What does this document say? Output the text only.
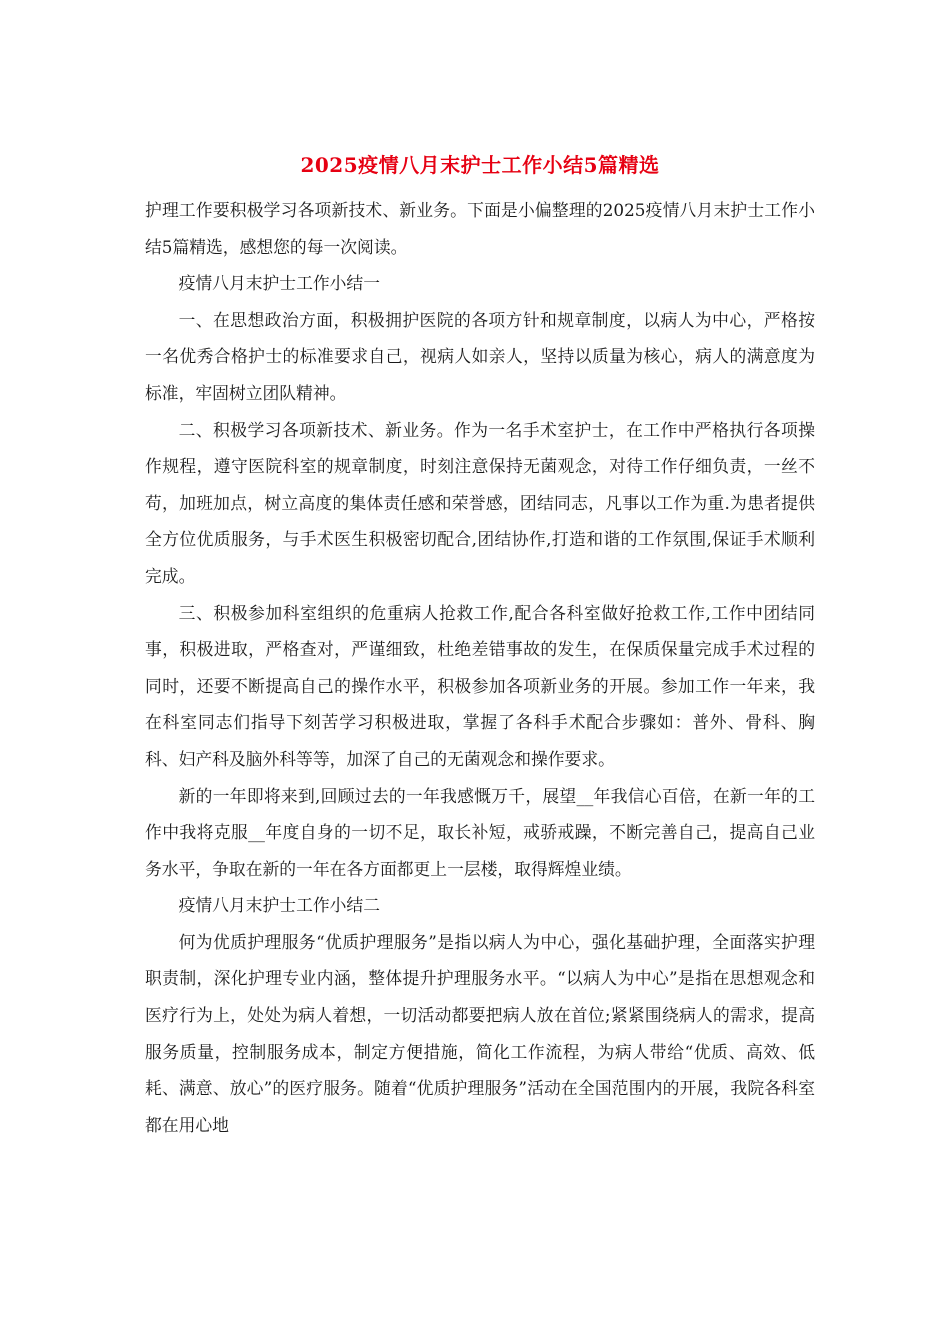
2025疫情八月末护士工作小结5篇精选

护理工作要积极学习各项新技术、新业务。下面是小偏整理的2025疫情八月末护士工作小结5篇精选，感想您的每一次阅读。

疫情八月末护士工作小结一

一、在思想政治方面，积极拥护医院的各项方针和规章制度，以病人为中心，严格按一名优秀合格护士的标准要求自己，视病人如亲人，坚持以质量为核心，病人的满意度为标准，牢固树立团队精神。

二、积极学习各项新技术、新业务。作为一名手术室护士，在工作中严格执行各项操作规程，遵守医院科室的规章制度，时刻注意保持无菌观念，对待工作仔细负责，一丝不苟，加班加点，树立高度的集体责任感和荣誉感，团结同志，凡事以工作为重.为患者提供全方位优质服务，与手术医生积极密切配合,团结协作,打造和谐的工作氛围,保证手术顺利完成。

三、积极参加科室组织的危重病人抢救工作,配合各科室做好抢救工作,工作中团结同事，积极进取，严格查对，严谨细致，杜绝差错事故的发生，在保质保量完成手术过程的同时，还要不断提高自己的操作水平，积极参加各项新业务的开展。参加工作一年来，我在科室同志们指导下刻苦学习积极进取，掌握了各科手术配合步骤如：普外、骨科、胸科、妇产科及脑外科等等，加深了自己的无菌观念和操作要求。

新的一年即将来到,回顾过去的一年我感慨万千，展望__年我信心百倍，在新一年的工作中我将克服__年度自身的一切不足，取长补短，戒骄戒躁，不断完善自己，提高自己业务水平，争取在新的一年在各方面都更上一层楼，取得辉煌业绩。

疫情八月末护士工作小结二

何为优质护理服务“优质护理服务”是指以病人为中心，强化基础护理，全面落实护理职责制，深化护理专业内涵，整体提升护理服务水平。“以病人为中心”是指在思想观念和医疗行为上，处处为病人着想，一切活动都要把病人放在首位;紧紧围绕病人的需求，提高服务质量，控制服务成本，制定方便措施，简化工作流程，为病人带给“优质、高效、低耗、满意、放心”的医疗服务。随着“优质护理服务”活动在全国范围内的开展，我院各科室都在用心地
